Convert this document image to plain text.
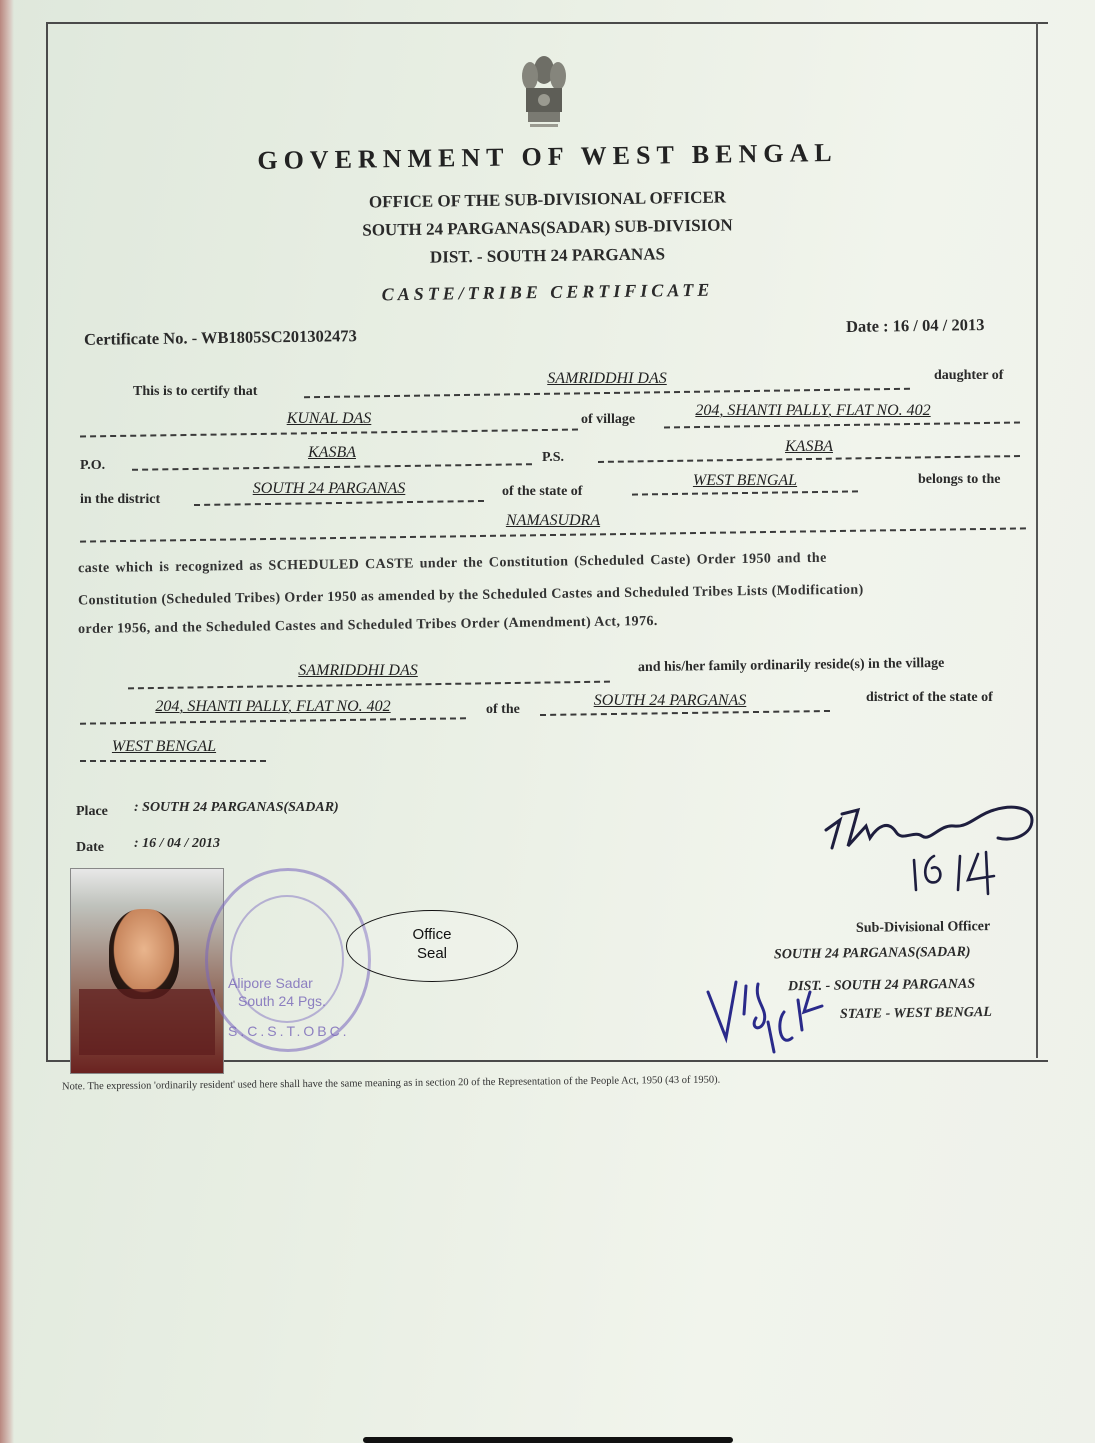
GOVERNMENT OF WEST BENGAL
OFFICE OF THE SUB-DIVISIONAL OFFICER
SOUTH 24 PARGANAS(SADAR) SUB-DIVISION
DIST. - SOUTH 24 PARGANAS
CASTE/TRIBE CERTIFICATE
Certificate No. - WB1805SC201302473
Date : 16 / 04 / 2013
This is to certify that
SAMRIDDHI DAS	daughter of
KUNAL DAS	of village
204, SHANTI PALLY, FLAT NO. 402
P.O.
KASBA	P.S.
KASBA
in the district
SOUTH 24 PARGANAS	of the state of
WEST BENGAL	belongs to the
NAMASUDRA
caste which is recognized as SCHEDULED CASTE under the Constitution (Scheduled Caste) Order 1950 and the
Constitution (Scheduled Tribes) Order 1950 as amended by the Scheduled Castes and Scheduled Tribes Lists (Modification)
order 1956, and the Scheduled Castes and Scheduled Tribes Order (Amendment) Act, 1976.
SAMRIDDHI DAS	and his/her family ordinarily reside(s) in the village
204, SHANTI PALLY, FLAT NO. 402	of the
SOUTH 24 PARGANAS	district of the state of
WEST BENGAL
Place : SOUTH 24 PARGANAS(SADAR)
Date : 16 / 04 / 2013
Alipore Sadar
South 24 Pgs.
S.C.S.T.OBC.
Office
Seal
Sub-Divisional Officer
SOUTH 24 PARGANAS(SADAR)
DIST. - SOUTH 24 PARGANAS
STATE - WEST BENGAL
Note. The expression 'ordinarily resident' used here shall have the same meaning as in section 20 of the Representation of the People Act, 1950 (43 of 1950).
